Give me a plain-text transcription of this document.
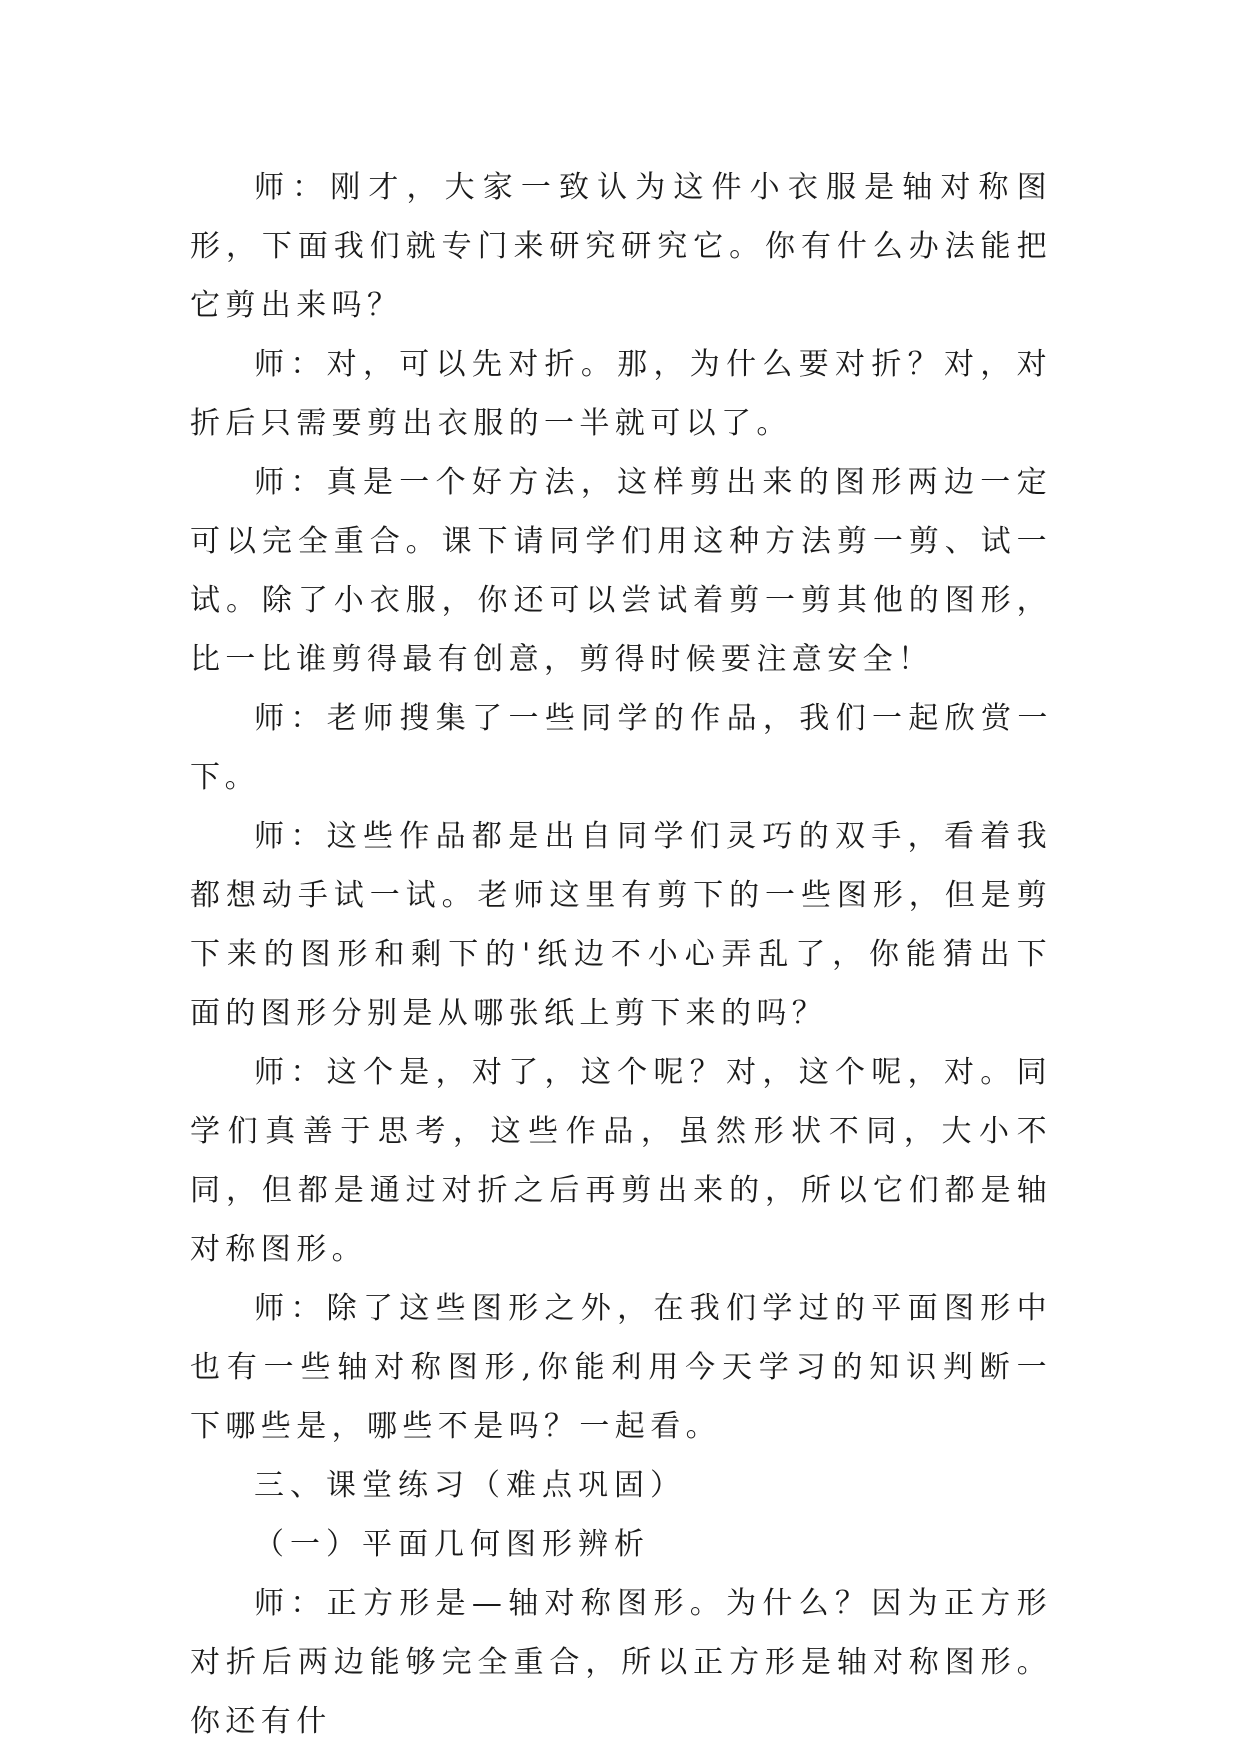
师：刚才，大家一致认为这件小衣服是轴对称图形，下面我们就专门来研究研究它。你有什么办法能把它剪出来吗？

师：对，可以先对折。那，为什么要对折？对，对折后只需要剪出衣服的一半就可以了。

师：真是一个好方法，这样剪出来的图形两边一定可以完全重合。课下请同学们用这种方法剪一剪、试一试。除了小衣服，你还可以尝试着剪一剪其他的图形，比一比谁剪得最有创意，剪得时候要注意安全！

师：老师搜集了一些同学的作品，我们一起欣赏一下。

师：这些作品都是出自同学们灵巧的双手，看着我都想动手试一试。老师这里有剪下的一些图形，但是剪下来的图形和剩下的'纸边不小心弄乱了，你能猜出下面的图形分别是从哪张纸上剪下来的吗？

师：这个是，对了，这个呢？对，这个呢，对。同学们真善于思考，这些作品，虽然形状不同，大小不同，但都是通过对折之后再剪出来的，所以它们都是轴对称图形。

师：除了这些图形之外，在我们学过的平面图形中也有一些轴对称图形,你能利用今天学习的知识判断一下哪些是，哪些不是吗？一起看。

三、课堂练习（难点巩固）

（一）平面几何图形辨析

师：正方形是—轴对称图形。为什么？因为正方形对折后两边能够完全重合，所以正方形是轴对称图形。你还有什
